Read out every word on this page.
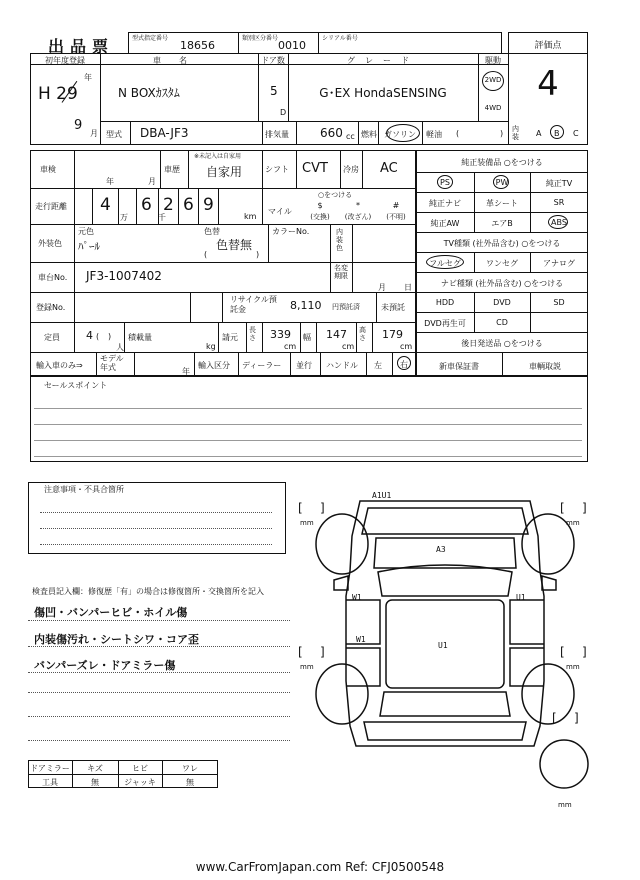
出品票	型式指定番号
18656
類別区分番号
0010
シリアル番号
評価点
4
初年度登録
年
H 29
9
月
車名
N BOXｶｽﾀﾑ
ドア数
5
D
グレード
G･EX HondaSENSING
駆動
2WD
4WD
型式 DBA-JF3	排気量	660 cc 燃料 ガソリン 軽油 (	) 内装	A B C
車検
年	月
車歴
※未記入は自家用
自家用	シフト CVT 冷房 AC
走行距離 4
万
6
千
2 6 9
km
マイル
○をつける
$
(交換)
*
(改ざん)
#
(不明)
外装色
元色
ﾊﾟｰﾙ
色替
色替無
(	)
カラーNo.	内装色
車台No. JF3-1007402
名変期限
月 日
登録No.
リサイクル預託金	8,110 円預託済	未預託
定員 4 ( )
人
積載量
kg
請元
長さ 339
cm
幅 147
cm
高さ 179
cm
輸入車のみ⇒
モデル年式	年
輸入区分 ディーラー 並行 ハンドル 左 右
純正装備品 ○をつける
PS	PW	純正TV
純正ナビ	革シート	SR
純正AW	エアB	ABS
TV種類 (社外品含む) ○をつける
フルセグ	ワンセグ	アナログ
ナビ種類 (社外品含む) ○をつける
HDD	DVD	SD
DVD再生可	CD
後日発送品 ○をつける
新車保証書	車輌取説
セールスポイント
注意事項・不具合箇所
検査員記入欄：修復歴「有」の場合は修復箇所・交換箇所を記入
傷凹・バンパーヒビ・ホイル傷
内装傷汚れ・シートシワ・コア歪
バンパーズレ・ドアミラー傷
ドアミラー	キズ	ヒビ	ワレ
工具	無	ジャッキ	無
A1U1
A3
W1	U1
W1
U1
[ ]	[ ]
[ ]	[ ]
[ ]
mm	mm
mm	mm
mm
www.CarFromJapan.com Ref: CFJ0500548
